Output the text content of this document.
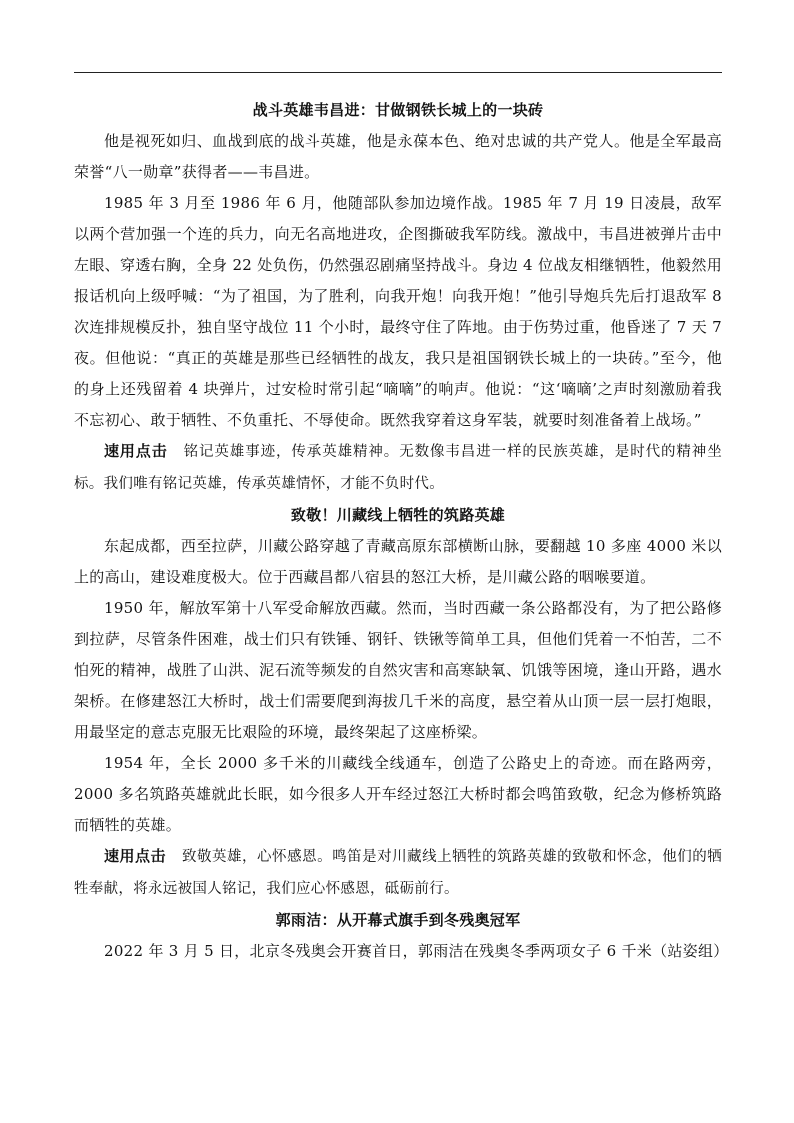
战斗英雄韦昌进：甘做钢铁长城上的一块砖

他是视死如归、血战到底的战斗英雄，他是永葆本色、绝对忠诚的共产党人。他是全军最高荣誉“八一勋章”获得者——韦昌进。

1985 年 3 月至 1986 年 6 月，他随部队参加边境作战。1985 年 7 月 19 日凌晨，敌军以两个营加强一个连的兵力，向无名高地进攻，企图撕破我军防线。激战中，韦昌进被弹片击中左眼、穿透右胸，全身 22 处负伤，仍然强忍剧痛坚持战斗。身边 4 位战友相继牺牲，他毅然用报话机向上级呼喊：“为了祖国，为了胜利，向我开炮！向我开炮！”他引导炮兵先后打退敌军 8 次连排规模反扑，独自坚守战位 11 个小时，最终守住了阵地。由于伤势过重，他昏迷了 7 天 7 夜。但他说：“真正的英雄是那些已经牺牲的战友，我只是祖国钢铁长城上的一块砖。”至今，他的身上还残留着 4 块弹片，过安检时常引起“嘀嘀”的响声。他说：“这‘嘀嘀’之声时刻激励着我不忘初心、敢于牺牲、不负重托、不辱使命。既然我穿着这身军装，就要时刻准备着上战场。”

速用点击 铭记英雄事迹，传承英雄精神。无数像韦昌进一样的民族英雄，是时代的精神坐标。我们唯有铭记英雄，传承英雄情怀，才能不负时代。

致敬！川藏线上牺牲的筑路英雄

东起成都，西至拉萨，川藏公路穿越了青藏高原东部横断山脉，要翻越 10 多座 4000 米以上的高山，建设难度极大。位于西藏昌都八宿县的怒江大桥，是川藏公路的咽喉要道。

1950 年，解放军第十八军受命解放西藏。然而，当时西藏一条公路都没有，为了把公路修到拉萨，尽管条件困难，战士们只有铁锤、钢钎、铁锹等简单工具，但他们凭着一不怕苦，二不怕死的精神，战胜了山洪、泥石流等频发的自然灾害和高寒缺氧、饥饿等困境，逢山开路，遇水架桥。在修建怒江大桥时，战士们需要爬到海拔几千米的高度，悬空着从山顶一层一层打炮眼，用最坚定的意志克服无比艰险的环境，最终架起了这座桥梁。

1954 年，全长 2000 多千米的川藏线全线通车，创造了公路史上的奇迹。而在路两旁，2000 多名筑路英雄就此长眠，如今很多人开车经过怒江大桥时都会鸣笛致敬，纪念为修桥筑路而牺牲的英雄。

速用点击 致敬英雄，心怀感恩。鸣笛是对川藏线上牺牲的筑路英雄的致敬和怀念，他们的牺牲奉献，将永远被国人铭记，我们应心怀感恩，砥砺前行。

郭雨洁：从开幕式旗手到冬残奥冠军

2022 年 3 月 5 日，北京冬残奥会开赛首日，郭雨洁在残奥冬季两项女子 6 千米（站姿组）
